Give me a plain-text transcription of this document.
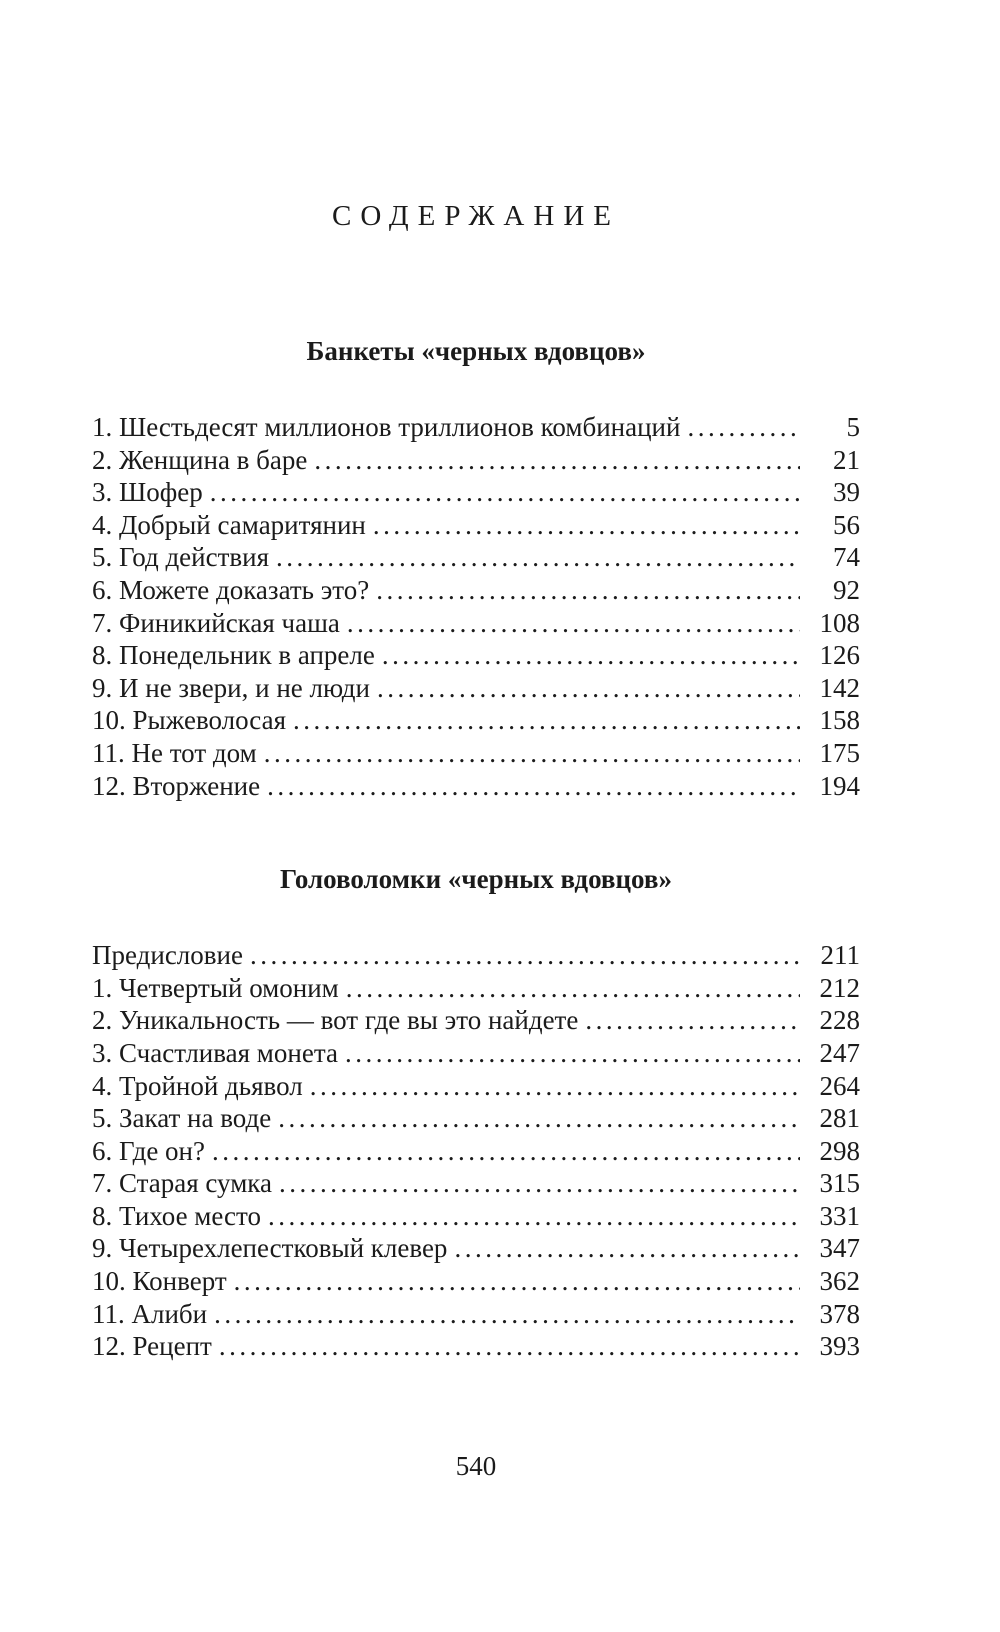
СОДЕРЖАНИЕ
Банкеты «черных вдовцов»
1. Шестьдесят миллионов триллионов комбинаций .....	5
2. Женщина в баре .....	21
3. Шофер .....	39
4. Добрый самаритянин .....	56
5. Год действия .....	74
6. Можете доказать это? .....	92
7. Финикийская чаша .....	108
8. Понедельник в апреле .....	126
9. И не звери, и не люди .....	142
10. Рыжеволосая .....	158
11. Не тот дом .....	175
12. Вторжение .....	194
Головоломки «черных вдовцов»
Предисловие .....	211
1. Четвертый омоним .....	212
2. Уникальность — вот где вы это найдете .....	228
3. Счастливая монета .....	247
4. Тройной дьявол .....	264
5. Закат на воде .....	281
6. Где он? .....	298
7. Старая сумка .....	315
8. Тихое место .....	331
9. Четырехлепестковый клевер .....	347
10. Конверт .....	362
11. Алиби .....	378
12. Рецепт .....	393
540
